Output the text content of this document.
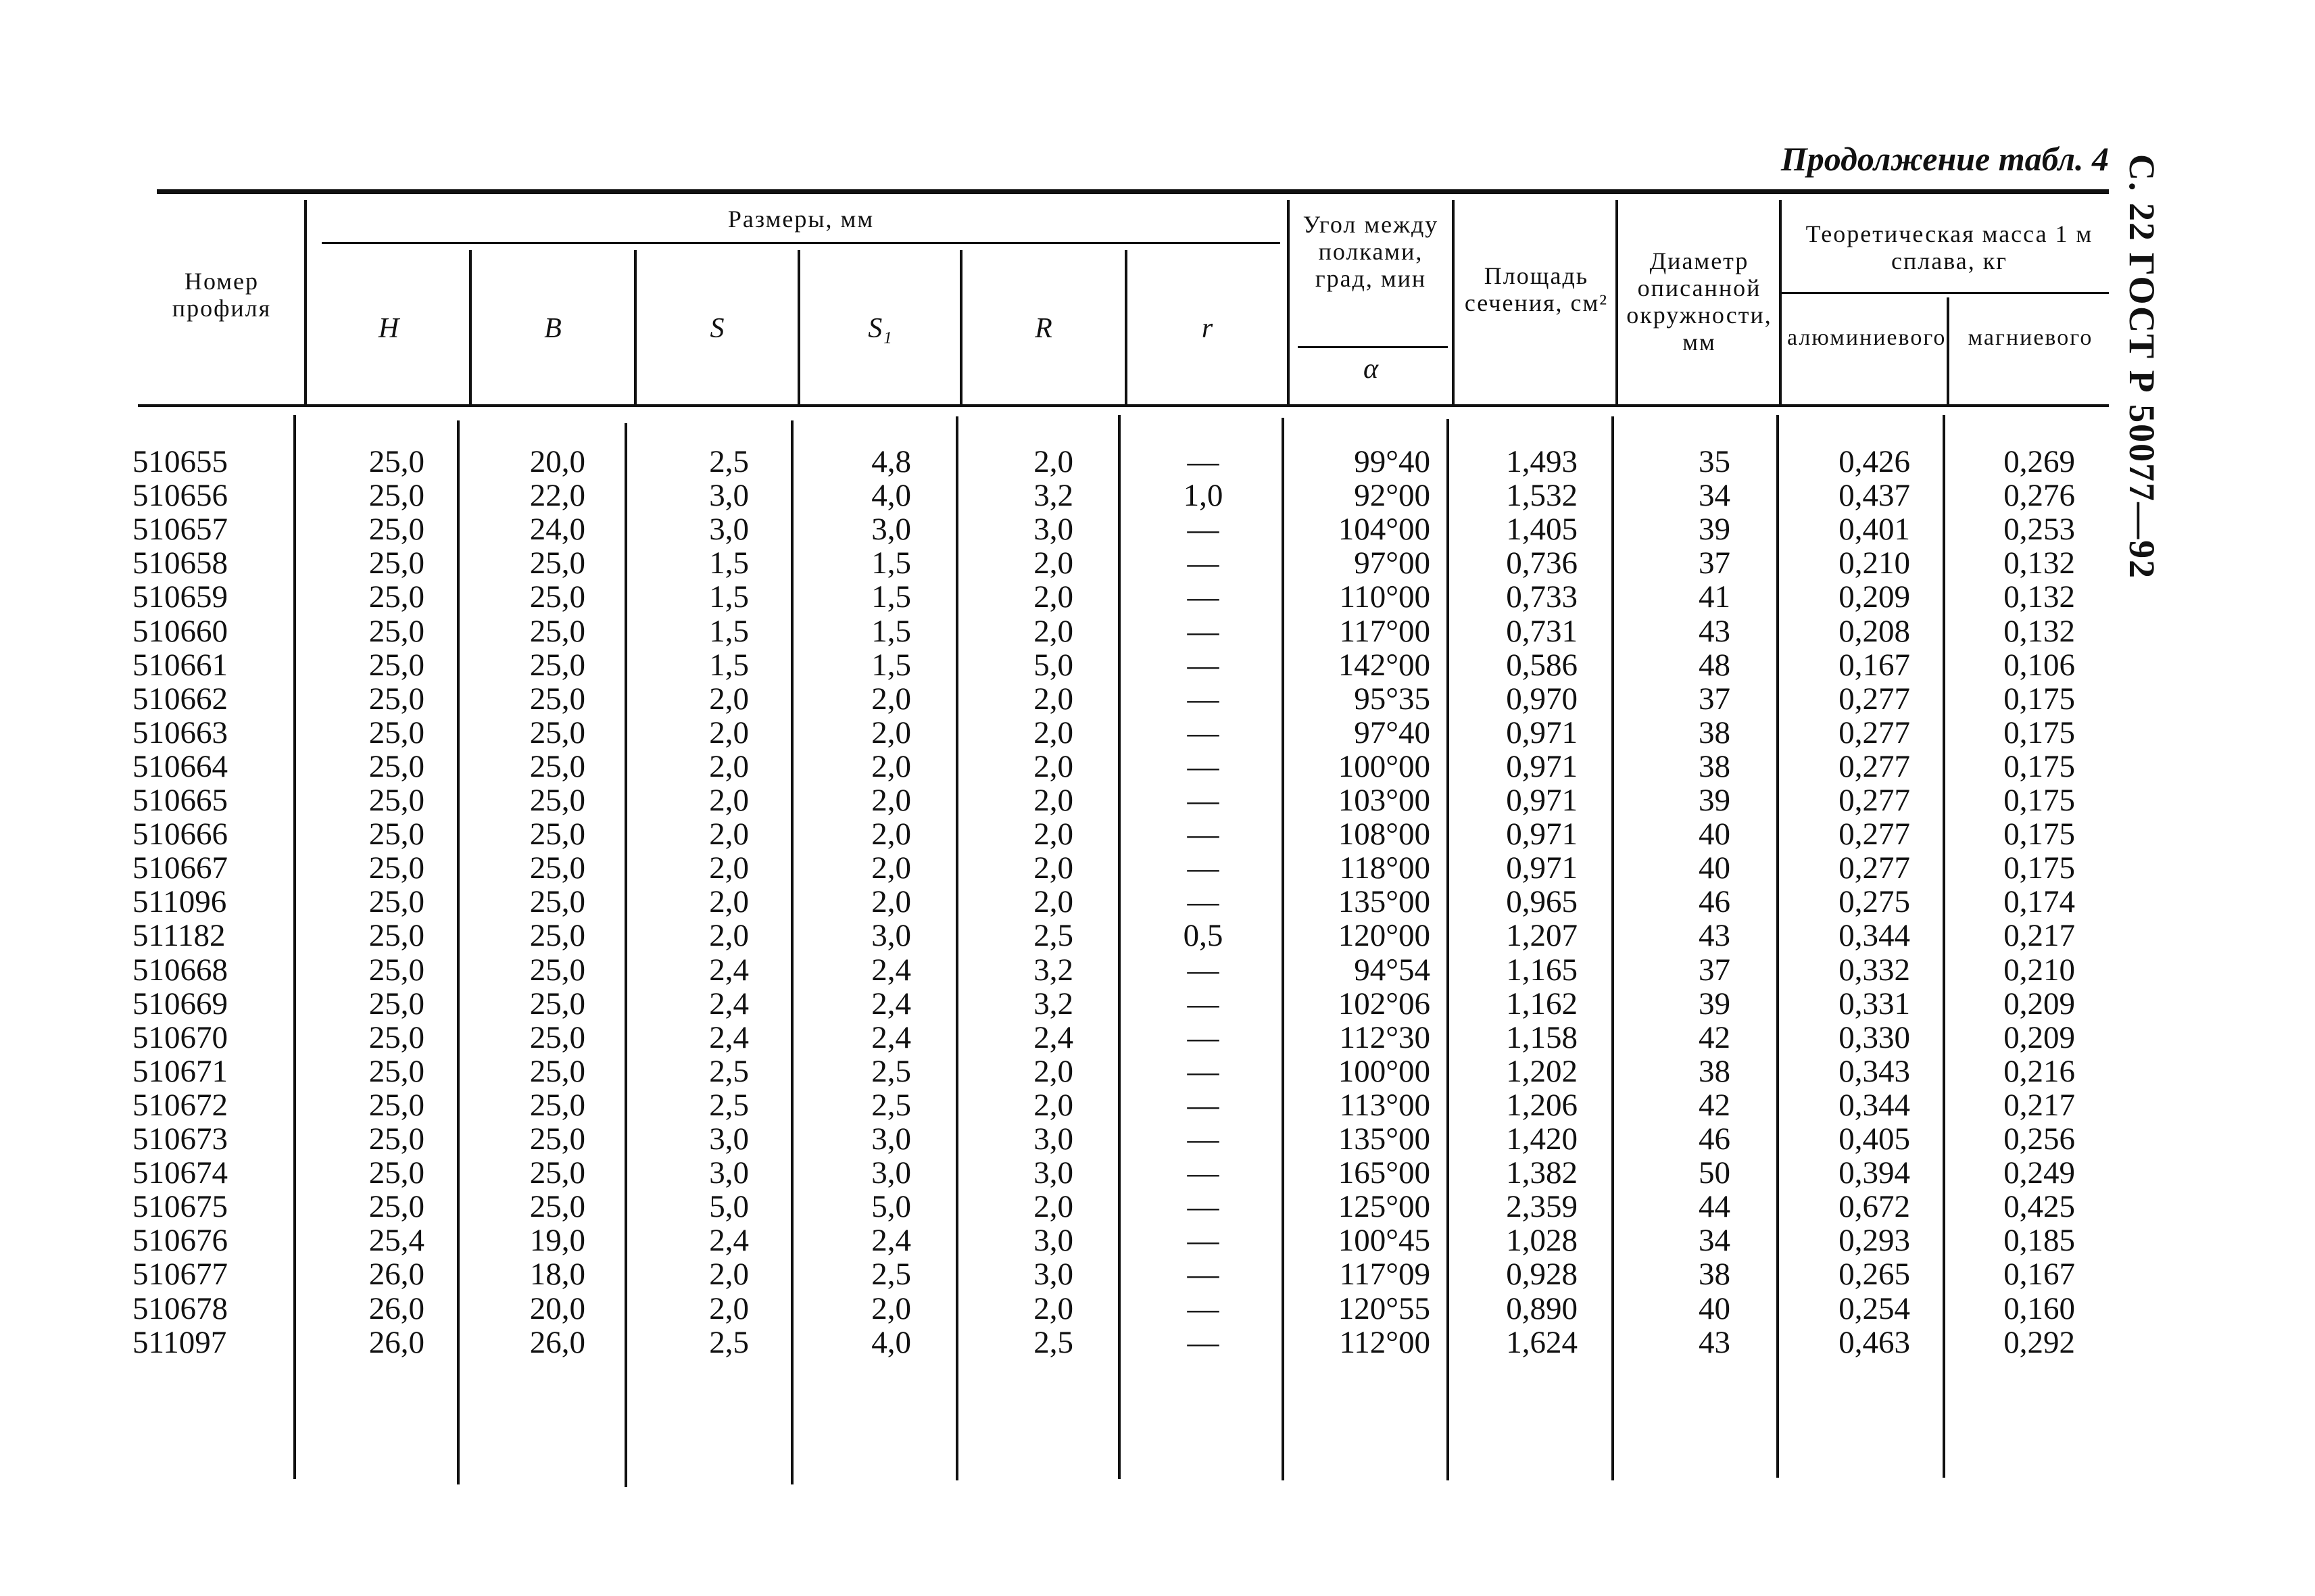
Продолжение табл. 4 С. 22 ГОСТ Р 50077—92
Номер профиля
Размеры, мм
H	B	S	S₁	R	r
Угол между полками, град, мин
α
Площадь сечения, см²
Диаметр описанной окружности, мм
Теоретическая масса 1 м сплава, кг
алюминиевого магниевого
510655	25,0	20,0	2,5	4,8	2,0	—	99°40	1,493	35	0,426	0,269
510656	25,0	22,0	3,0	4,0	3,2	1,0	92°00	1,532	34	0,437	0,276
510657	25,0	24,0	3,0	3,0	3,0	—	104°00	1,405	39	0,401	0,253
510658	25,0	25,0	1,5	1,5	2,0	—	97°00	0,736	37	0,210	0,132
510659	25,0	25,0	1,5	1,5	2,0	—	110°00	0,733	41	0,209	0,132
510660	25,0	25,0	1,5	1,5	2,0	—	117°00	0,731	43	0,208	0,132
510661	25,0	25,0	1,5	1,5	5,0	—	142°00	0,586	48	0,167	0,106
510662	25,0	25,0	2,0	2,0	2,0	—	95°35	0,970	37	0,277	0,175
510663	25,0	25,0	2,0	2,0	2,0	—	97°40	0,971	38	0,277	0,175
510664	25,0	25,0	2,0	2,0	2,0	—	100°00	0,971	38	0,277	0,175
510665	25,0	25,0	2,0	2,0	2,0	—	103°00	0,971	39	0,277	0,175
510666	25,0	25,0	2,0	2,0	2,0	—	108°00	0,971	40	0,277	0,175
510667	25,0	25,0	2,0	2,0	2,0	—	118°00	0,971	40	0,277	0,175
511096	25,0	25,0	2,0	2,0	2,0	—	135°00	0,965	46	0,275	0,174
511182	25,0	25,0	2,0	3,0	2,5	0,5	120°00	1,207	43	0,344	0,217
510668	25,0	25,0	2,4	2,4	3,2	—	94°54	1,165	37	0,332	0,210
510669	25,0	25,0	2,4	2,4	3,2	—	102°06	1,162	39	0,331	0,209
510670	25,0	25,0	2,4	2,4	2,4	—	112°30	1,158	42	0,330	0,209
510671	25,0	25,0	2,5	2,5	2,0	—	100°00	1,202	38	0,343	0,216
510672	25,0	25,0	2,5	2,5	2,0	—	113°00	1,206	42	0,344	0,217
510673	25,0	25,0	3,0	3,0	3,0	—	135°00	1,420	46	0,405	0,256
510674	25,0	25,0	3,0	3,0	3,0	—	165°00	1,382	50	0,394	0,249
510675	25,0	25,0	5,0	5,0	2,0	—	125°00	2,359	44	0,672	0,425
510676	25,4	19,0	2,4	2,4	3,0	—	100°45	1,028	34	0,293	0,185
510677	26,0	18,0	2,0	2,5	3,0	—	117°09	0,928	38	0,265	0,167
510678	26,0	20,0	2,0	2,0	2,0	—	120°55	0,890	40	0,254	0,160
511097	26,0	26,0	2,5	4,0	2,5	—	112°00	1,624	43	0,463	0,292
